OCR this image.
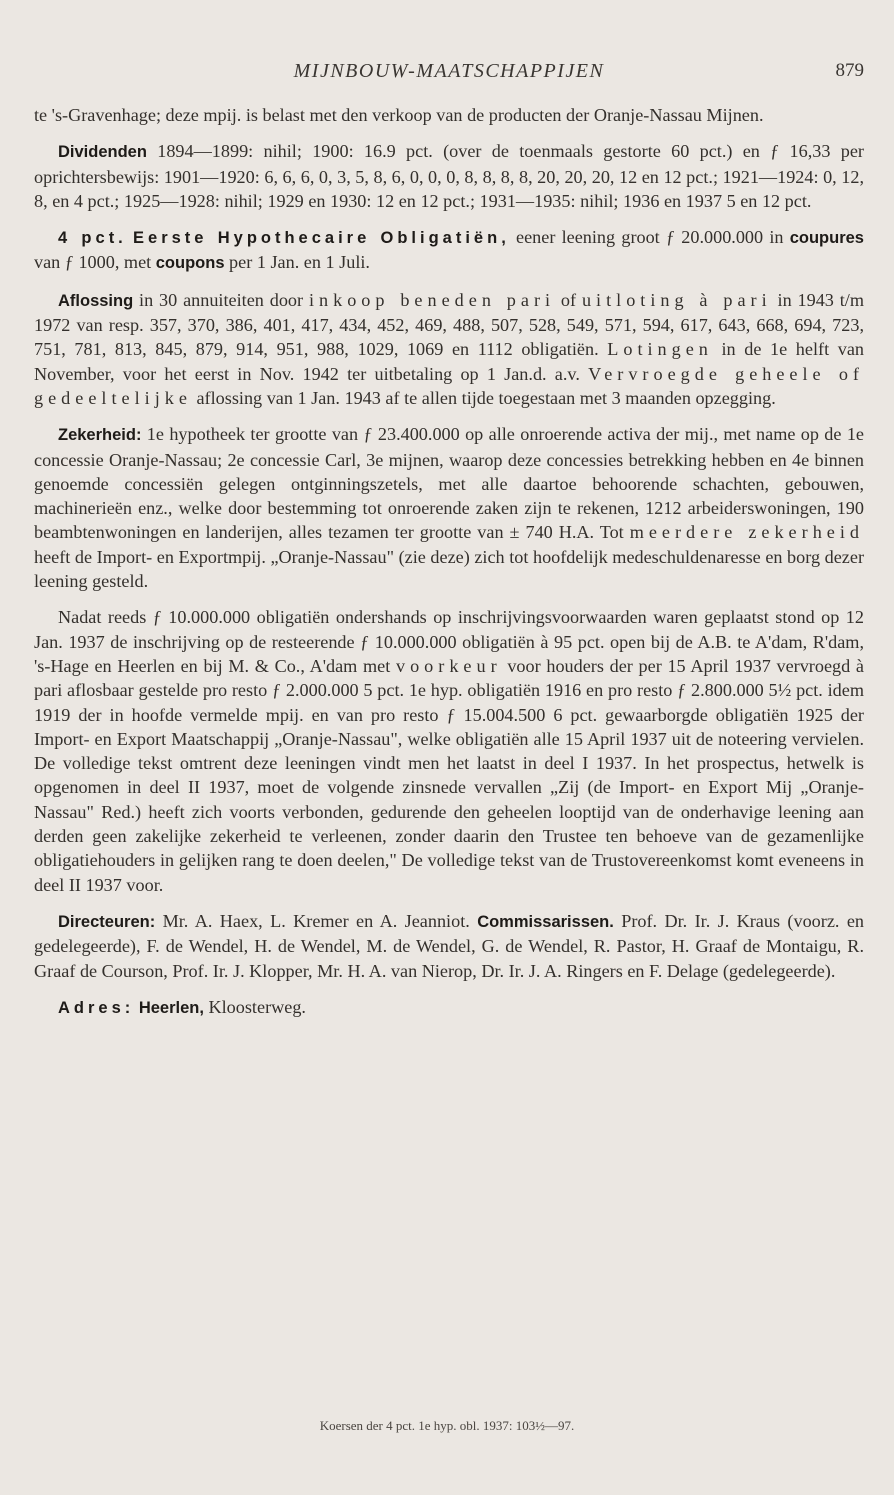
MIJNBOUW-MAATSCHAPPIJEN	879

te 's-Gravenhage; deze mpij. is belast met den verkoop van de producten der Oranje-Nassau Mijnen.

Dividenden 1894—1899: nihil; 1900: 16.9 pct. (over de toenmaals gestorte 60 pct.) en ƒ 16,33 per oprichtersbewijs: 1901—1920: 6, 6, 6, 0, 3, 5, 8, 6, 0, 0, 0, 8, 8, 8, 8, 20, 20, 20, 12 en 12 pct.; 1921—1924: 0, 12, 8, en 4 pct.; 1925—1928: nihil; 1929 en 1930: 12 en 12 pct.; 1931—1935: nihil; 1936 en 1937 5 en 12 pct.

4 pct. Eerste Hypothecaire Obligatiën, eener leening groot ƒ 20.000.000 in coupures van ƒ 1000, met coupons per 1 Jan. en 1 Juli.

Aflossing in 30 annuiteiten door inkoop beneden pari of uitloting à pari in 1943 t/m 1972 van resp. 357, 370, 386, 401, 417, 434, 452, 469, 488, 507, 528, 549, 571, 594, 617, 643, 668, 694, 723, 751, 781, 813, 845, 879, 914, 951, 988, 1029, 1069 en 1112 obligatiën. Lotingen in de 1e helft van November, voor het eerst in Nov. 1942 ter uitbetaling op 1 Jan.d. a.v. Vervroegde geheele of gedeeltelijke aflossing van 1 Jan. 1943 af te allen tijde toegestaan met 3 maanden opzegging.

Zekerheid: 1e hypotheek ter grootte van ƒ 23.400.000 op alle onroerende activa der mij., met name op de 1e concessie Oranje-Nassau; 2e concessie Carl, 3e mijnen, waarop deze concessies betrekking hebben en 4e binnen genoemde concessiën gelegen ontginningszetels, met alle daartoe behoorende schachten, gebouwen, machinerieën enz., welke door bestemming tot onroerende zaken zijn te rekenen, 1212 arbeiderswoningen, 190 beambtenwoningen en landerijen, alles tezamen ter grootte van ± 740 H.A. Tot meerdere zekerheid heeft de Import- en Exportmpij. „Oranje-Nassau" (zie deze) zich tot hoofdelijk medeschuldenaresse en borg dezer leening gesteld.

Nadat reeds ƒ 10.000.000 obligatiën ondershands op inschrijvingsvoorwaarden waren geplaatst stond op 12 Jan. 1937 de inschrijving op de resteerende ƒ 10.000.000 obligatiën à 95 pct. open bij de A.B. te A'dam, R'dam, 's-Hage en Heerlen en bij M. & Co., A'dam met voorkeur voor houders der per 15 April 1937 vervroegd à pari aflosbaar gestelde pro resto ƒ 2.000.000 5 pct. 1e hyp. obligatiën 1916 en pro resto ƒ 2.800.000 5½ pct. idem 1919 der in hoofde vermelde mpij. en van pro resto ƒ 15.004.500 6 pct. gewaarborgde obligatiën 1925 der Import- en Export Maatschappij „Oranje-Nassau", welke obligatiën alle 15 April 1937 uit de noteering vervielen. De volledige tekst omtrent deze leeningen vindt men het laatst in deel I 1937. In het prospectus, hetwelk is opgenomen in deel II 1937, moet de volgende zinsnede vervallen „Zij (de Import- en Export Mij „Oranje-Nassau" Red.) heeft zich voorts verbonden, gedurende den geheelen looptijd van de onderhavige leening aan derden geen zakelijke zekerheid te verleenen, zonder daarin den Trustee ten behoeve van de gezamenlijke obligatiehouders in gelijken rang te doen deelen," De volledige tekst van de Trustovereenkomst komt eveneens in deel II 1937 voor.

Directeuren: Mr. A. Haex, L. Kremer en A. Jeanniot. Commissarissen. Prof. Dr. Ir. J. Kraus (voorz. en gedelegeerde), F. de Wendel, H. de Wendel, M. de Wendel, G. de Wendel, R. Pastor, H. Graaf de Montaigu, R. Graaf de Courson, Prof. Ir. J. Klopper, Mr. H. A. van Nierop, Dr. Ir. J. A. Ringers en F. Delage (gedelegeerde).

Adres: Heerlen, Kloosterweg.

Koersen der 4 pct. 1e hyp. obl. 1937: 103½—97.
